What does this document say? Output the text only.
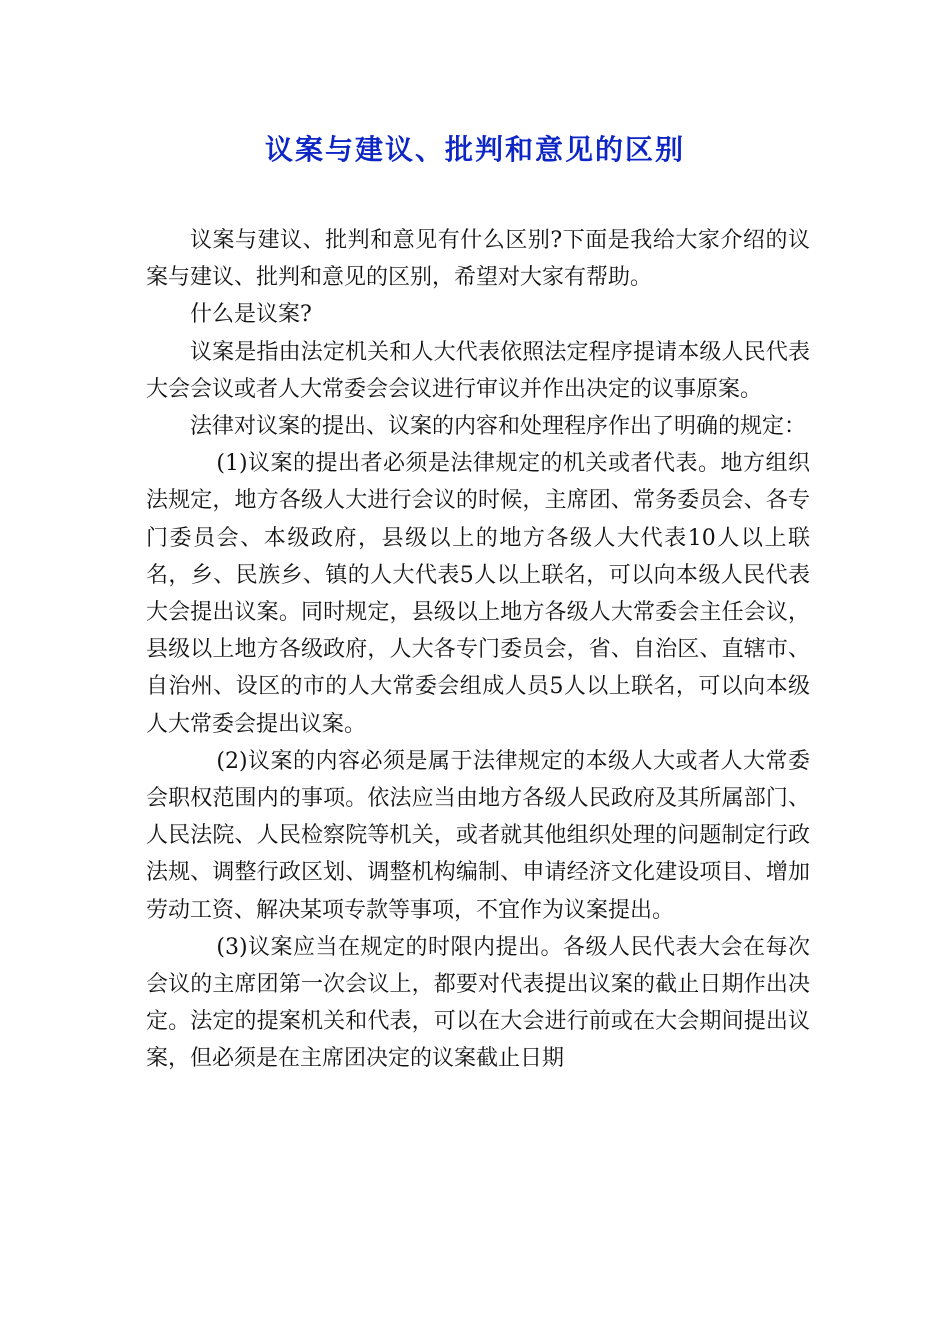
议案与建议、批判和意见的区别

议案与建议、批判和意见有什么区别?下面是我给大家介绍的议案与建议、批判和意见的区别，希望对大家有帮助。

什么是议案?

议案是指由法定机关和人大代表依照法定程序提请本级人民代表大会会议或者人大常委会会议进行审议并作出决定的议事原案。

法律对议案的提出、议案的内容和处理程序作出了明确的规定：

(1)议案的提出者必须是法律规定的机关或者代表。地方组织法规定，地方各级人大进行会议的时候，主席团、常务委员会、各专门委员会、本级政府，县级以上的地方各级人大代表10人以上联名，乡、民族乡、镇的人大代表5人以上联名，可以向本级人民代表大会提出议案。同时规定，县级以上地方各级人大常委会主任会议，县级以上地方各级政府，人大各专门委员会，省、自治区、直辖市、自治州、设区的市的人大常委会组成人员5人以上联名，可以向本级人大常委会提出议案。

(2)议案的内容必须是属于法律规定的本级人大或者人大常委会职权范围内的事项。依法应当由地方各级人民政府及其所属部门、人民法院、人民检察院等机关，或者就其他组织处理的问题制定行政法规、调整行政区划、调整机构编制、申请经济文化建设项目、增加劳动工资、解决某项专款等事项，不宜作为议案提出。

(3)议案应当在规定的时限内提出。各级人民代表大会在每次会议的主席团第一次会议上，都要对代表提出议案的截止日期作出决定。法定的提案机关和代表，可以在大会进行前或在大会期间提出议案，但必须是在主席团决定的议案截止日期
